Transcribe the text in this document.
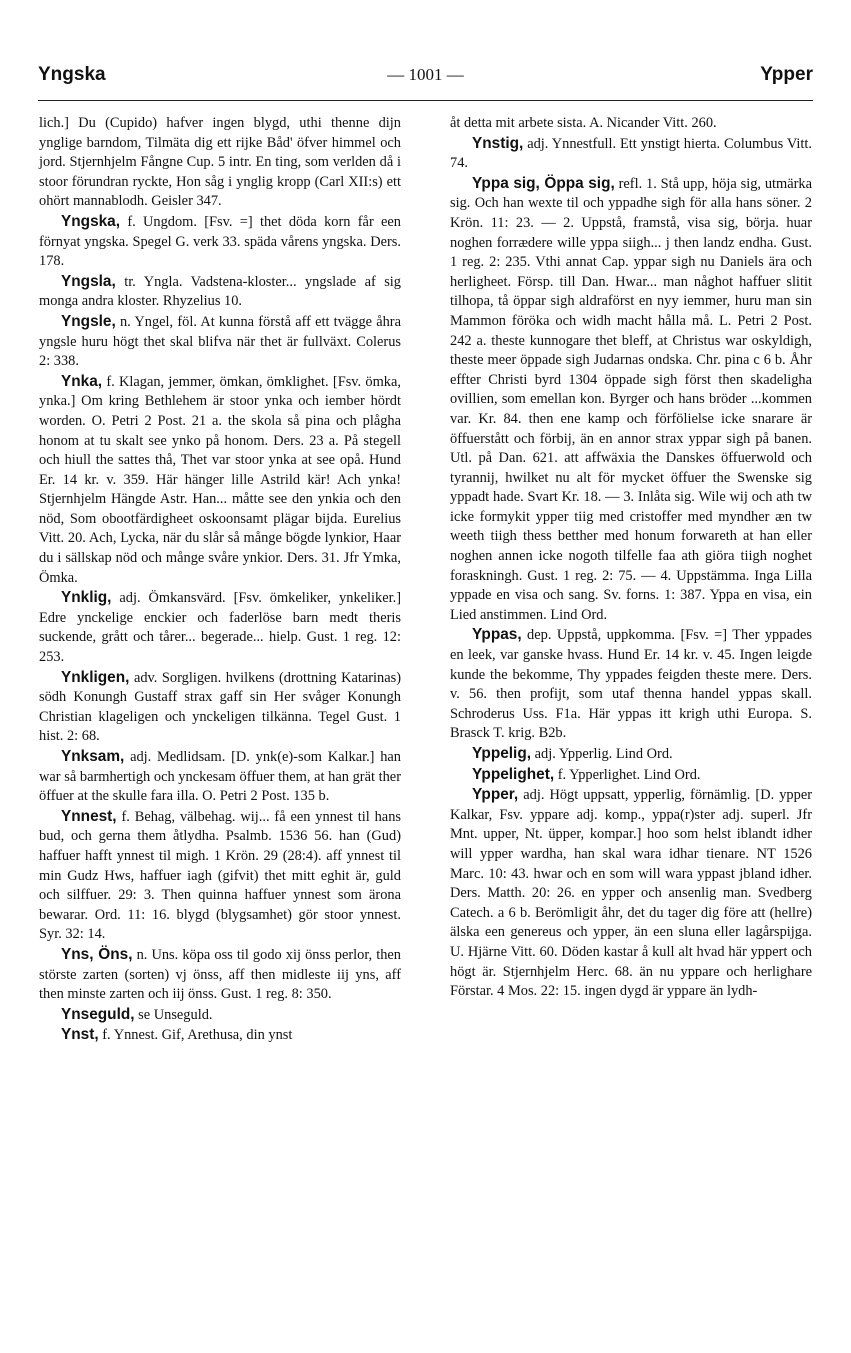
Yngska	— 1001 —	Ypper

lich.] Du (Cupido) hafver ingen blygd, uthi thenne dijn ynglige barndom, Tilmäta dig ett rijke Båd' öfver himmel och jord. Stjernhjelm Fångne Cup. 5 intr. En ting, som verlden då i stoor förundran ryckte, Hon såg i ynglig kropp (Carl XII:s) ett ohört mannablodh. Geisler 347.

Yngska, f. Ungdom. [Fsv. =] thet döda korn får een förnyat yngska. Spegel G. verk 33. späda vårens yngska. Ders. 178.

Yngsla, tr. Yngla. Vadstena-kloster... yngslade af sig monga andra kloster. Rhyzelius 10.

Yngsle, n. Yngel, föl. At kunna förstå aff ett tvägge åhra yngsle huru högt thet skal blifva när thet är fullväxt. Colerus 2: 338.

Ynka, f. Klagan, jemmer, ömkan, ömklighet. [Fsv. ömka, ynka.] Om kring Bethlehem är stoor ynka och iember hördt worden. O. Petri 2 Post. 21 a. the skola så pina och plågha honom at tu skalt see ynko på honom. Ders. 23 a. På stegell och hiull the sattes thå, Thet var stoor ynka at see opå. Hund Er. 14 kr. v. 359. Här hänger lille Astrild kär! Ach ynka! Stjernhjelm Hängde Astr. Han... måtte see den ynkia och den nöd, Som obootfärdigheet oskoonsamt plägar bijda. Eurelius Vitt. 20. Ach, Lycka, när du slår så månge bögde lynkior, Haar du i sällskap nöd och månge svåre ynkior. Ders. 31. Jfr Ymka, Ömka.

Ynklig, adj. Ömkansvärd. [Fsv. ömkeliker, ynkeliker.] Edre ynckelige enckier och faderlöse barn medt theris suckende, grått och tårer... begerade... hielp. Gust. 1 reg. 12: 253.

Ynkligen, adv. Sorgligen. hvilkens (drottning Katarinas) södh Konungh Gustaff strax gaff sin Her svåger Konungh Christian klageligen och ynckeligen tilkänna. Tegel Gust. 1 hist. 2: 68.

Ynksam, adj. Medlidsam. [D. ynk(e)-som Kalkar.] han war så barmhertigh och ynckesam öffuer them, at han grät ther öffuer at the skulle fara illa. O. Petri 2 Post. 135 b.

Ynnest, f. Behag, välbehag. wij... få een ynnest til hans bud, och gerna them åtlydha. Psalmb. 1536 56. han (Gud) haffuer hafft ynnest til migh. 1 Krön. 29 (28:4). aff ynnest til min Gudz Hws, haffuer iagh (gifvit) thet mitt eghit är, guld och silffuer. 29: 3. Then quinna haffuer ynnest som ärona bewarar. Ord. 11: 16. blygd (blygsamhet) gör stoor ynnest. Syr. 32: 14.

Yns, Öns, n. Uns. köpa oss til godo xij önss perlor, then störste zarten (sorten) vj önss, aff then midleste iij yns, aff then minste zarten och iij önss. Gust. 1 reg. 8: 350.

Ynseguld, se Unseguld.

Ynst, f. Ynnest. Gif, Arethusa, din ynst

åt detta mit arbete sista. A. Nicander Vitt. 260.

Ynstig, adj. Ynnestfull. Ett ynstigt hierta. Columbus Vitt. 74.

Yppa sig, Öppa sig, refl. 1. Stå upp, höja sig, utmärka sig. Och han wexte til och yppadhe sigh för alla hans söner. 2 Krön. 11: 23. — 2. Uppstå, framstå, visa sig, börja. huar noghen forrædere wille yppa siigh... j then landz endha. Gust. 1 reg. 2: 235. Vthi annat Cap. yppar sigh nu Daniels ära och herligheet. Försp. till Dan. Hwar... man någhot haffuer slitit tilhopa, tå öppar sigh aldraförst en nyy iemmer, huru man sin Mammon föröka och widh macht hålla må. L. Petri 2 Post. 242 a. theste kunnogare thet bleff, at Christus war oskyldigh, theste meer öppade sigh Judarnas ondska. Chr. pina c 6 b. Åhr effter Christi byrd 1304 öppade sigh först then skadeligha ovillien, som emellan kon. Byrger och hans bröder ...kommen var. Kr. 84. then ene kamp och förfölielse icke snarare är öffuerstått och förbij, än en annor strax yppar sigh på banen. Utl. på Dan. 621. att affwäxia the Danskes öffuerwold och tyrannij, hwilket nu alt för mycket öffuer the Swenske sig yppadt hade. Svart Kr. 18. — 3. Inlåta sig. Wile wij och ath tw icke formykit ypper tiig med cristoffer med myndher æn tw weeth tiigh thess betther med honum forwareth at han eller noghen annen icke nogoth tilfelle faa ath giöra tiigh noghet foraskningh. Gust. 1 reg. 2: 75. — 4. Uppstämma. Inga Lilla yppade en visa och sang. Sv. forns. 1: 387. Yppa en visa, ein Lied anstimmen. Lind Ord.

Yppas, dep. Uppstå, uppkomma. [Fsv. =] Ther yppades en leek, var ganske hvass. Hund Er. 14 kr. v. 45. Ingen leigde kunde the bekomme, Thy yppades feigden theste mere. Ders. v. 56. then profijt, som utaf thenna handel yppas skall. Schroderus Uss. F1a. Här yppas itt krigh uthi Europa. S. Brasck T. krig. B2b.

Yppelig, adj. Ypperlig. Lind Ord.

Yppelighet, f. Ypperlighet. Lind Ord.

Ypper, adj. Högt uppsatt, ypperlig, förnämlig. [D. ypper Kalkar, Fsv. yppare adj. komp., yppa(r)ster adj. superl. Jfr Mnt. upper, Nt. üpper, kompar.] hoo som helst iblandt idher will ypper wardha, han skal wara idhar tienare. NT 1526 Marc. 10: 43. hwar och en som will wara yppast jbland idher. Ders. Matth. 20: 26. en ypper och ansenlig man. Svedberg Catech. a 6 b. Berömligit åhr, det du tager dig före att (hellre) älska een genereus och ypper, än een sluna eller lagårspijga. U. Hjärne Vitt. 60. Döden kastar å kull alt hvad här yppert och högt är. Stjernhjelm Herc. 68. än nu yppare och herlighare Förstar. 4 Mos. 22: 15. ingen dygd är yppare än lydh-
